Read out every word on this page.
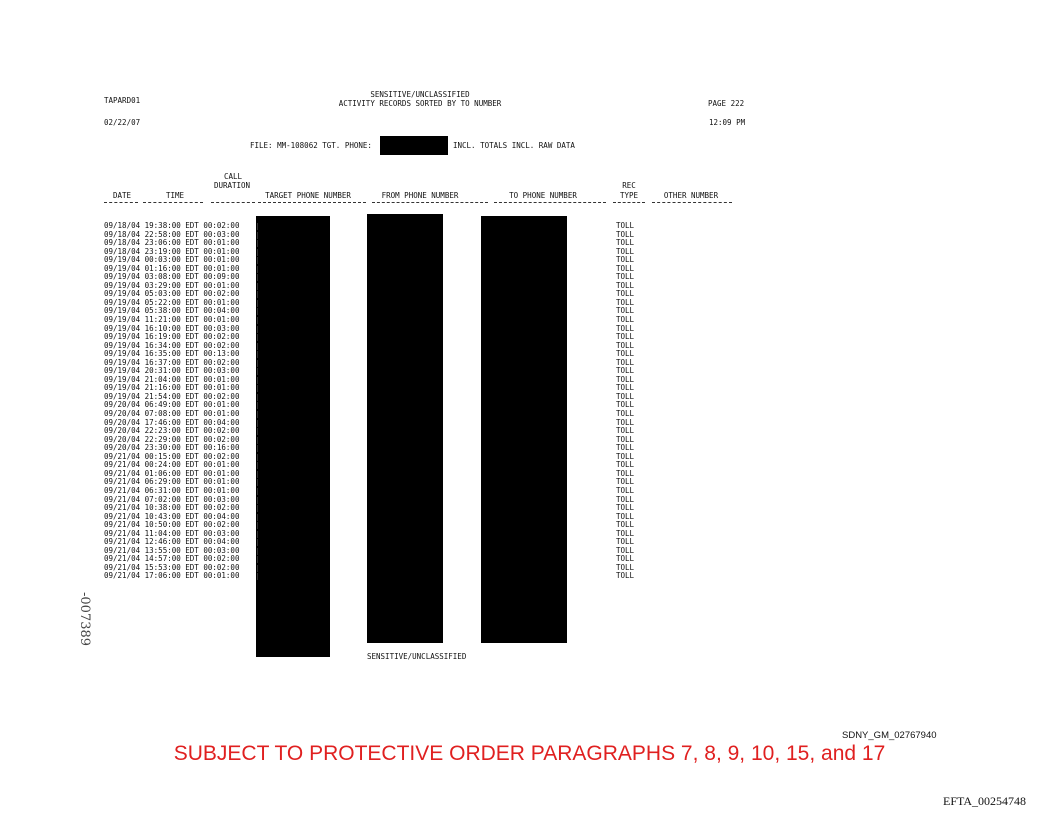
TAPARD01
SENSITIVE/UNCLASSIFIED
ACTIVITY RECORDS SORTED BY TO NUMBER	PAGE 222
02/22/07	12:09 PM
FILE: MM-108062 TGT. PHONE:	INCL. TOTALS INCL. RAW DATA
DATE	TIME
CALL
DURATION
TARGET PHONE NUMBER	FROM PHONE NUMBER	TO PHONE NUMBER
REC
TYPE	OTHER NUMBER
09/18/04 19:38:00 EDT 00:02:00	TOLL
09/18/04 22:58:00 EDT 00:03:00	TOLL
09/18/04 23:06:00 EDT 00:01:00	TOLL
09/18/04 23:19:00 EDT 00:01:00	TOLL
09/19/04 00:03:00 EDT 00:01:00	TOLL
09/19/04 01:16:00 EDT 00:01:00	TOLL
09/19/04 03:08:00 EDT 00:09:00	TOLL
09/19/04 03:29:00 EDT 00:01:00	TOLL
09/19/04 05:03:00 EDT 00:02:00	TOLL
09/19/04 05:22:00 EDT 00:01:00	TOLL
09/19/04 05:38:00 EDT 00:04:00	TOLL
09/19/04 11:21:00 EDT 00:01:00	TOLL
09/19/04 16:10:00 EDT 00:03:00	TOLL
09/19/04 16:19:00 EDT 00:02:00	TOLL
09/19/04 16:34:00 EDT 00:02:00	TOLL
09/19/04 16:35:00 EDT 00:13:00	TOLL
09/19/04 16:37:00 EDT 00:02:00	TOLL
09/19/04 20:31:00 EDT 00:03:00	TOLL
09/19/04 21:04:00 EDT 00:01:00	TOLL
09/19/04 21:16:00 EDT 00:01:00	TOLL
09/19/04 21:54:00 EDT 00:02:00	TOLL
09/20/04 06:49:00 EDT 00:01:00	TOLL
09/20/04 07:08:00 EDT 00:01:00	TOLL
09/20/04 17:46:00 EDT 00:04:00	TOLL
09/20/04 22:23:00 EDT 00:02:00	TOLL
09/20/04 22:29:00 EDT 00:02:00	TOLL
09/20/04 23:30:00 EDT 00:16:00	TOLL
09/21/04 00:15:00 EDT 00:02:00	TOLL
09/21/04 00:24:00 EDT 00:01:00	TOLL
09/21/04 01:06:00 EDT 00:01:00	TOLL
09/21/04 06:29:00 EDT 00:01:00	TOLL
09/21/04 06:31:00 EDT 00:01:00	TOLL
09/21/04 07:02:00 EDT 00:03:00	TOLL
09/21/04 10:38:00 EDT 00:02:00	TOLL
09/21/04 10:43:00 EDT 00:04:00	TOLL
09/21/04 10:50:00 EDT 00:02:00	TOLL
09/21/04 11:04:00 EDT 00:03:00	TOLL
09/21/04 12:46:00 EDT 00:04:00	TOLL
09/21/04 13:55:00 EDT 00:03:00	TOLL
09/21/04 14:57:00 EDT 00:02:00	TOLL
09/21/04 15:53:00 EDT 00:02:00	TOLL
09/21/04 17:06:00 EDT 00:01:00	TOLL
SENSITIVE/UNCLASSIFIED
-007389
SDNY_GM_02767940
SUBJECT TO PROTECTIVE ORDER PARAGRAPHS 7, 8, 9, 10, 15, and 17
EFTA_00254748
